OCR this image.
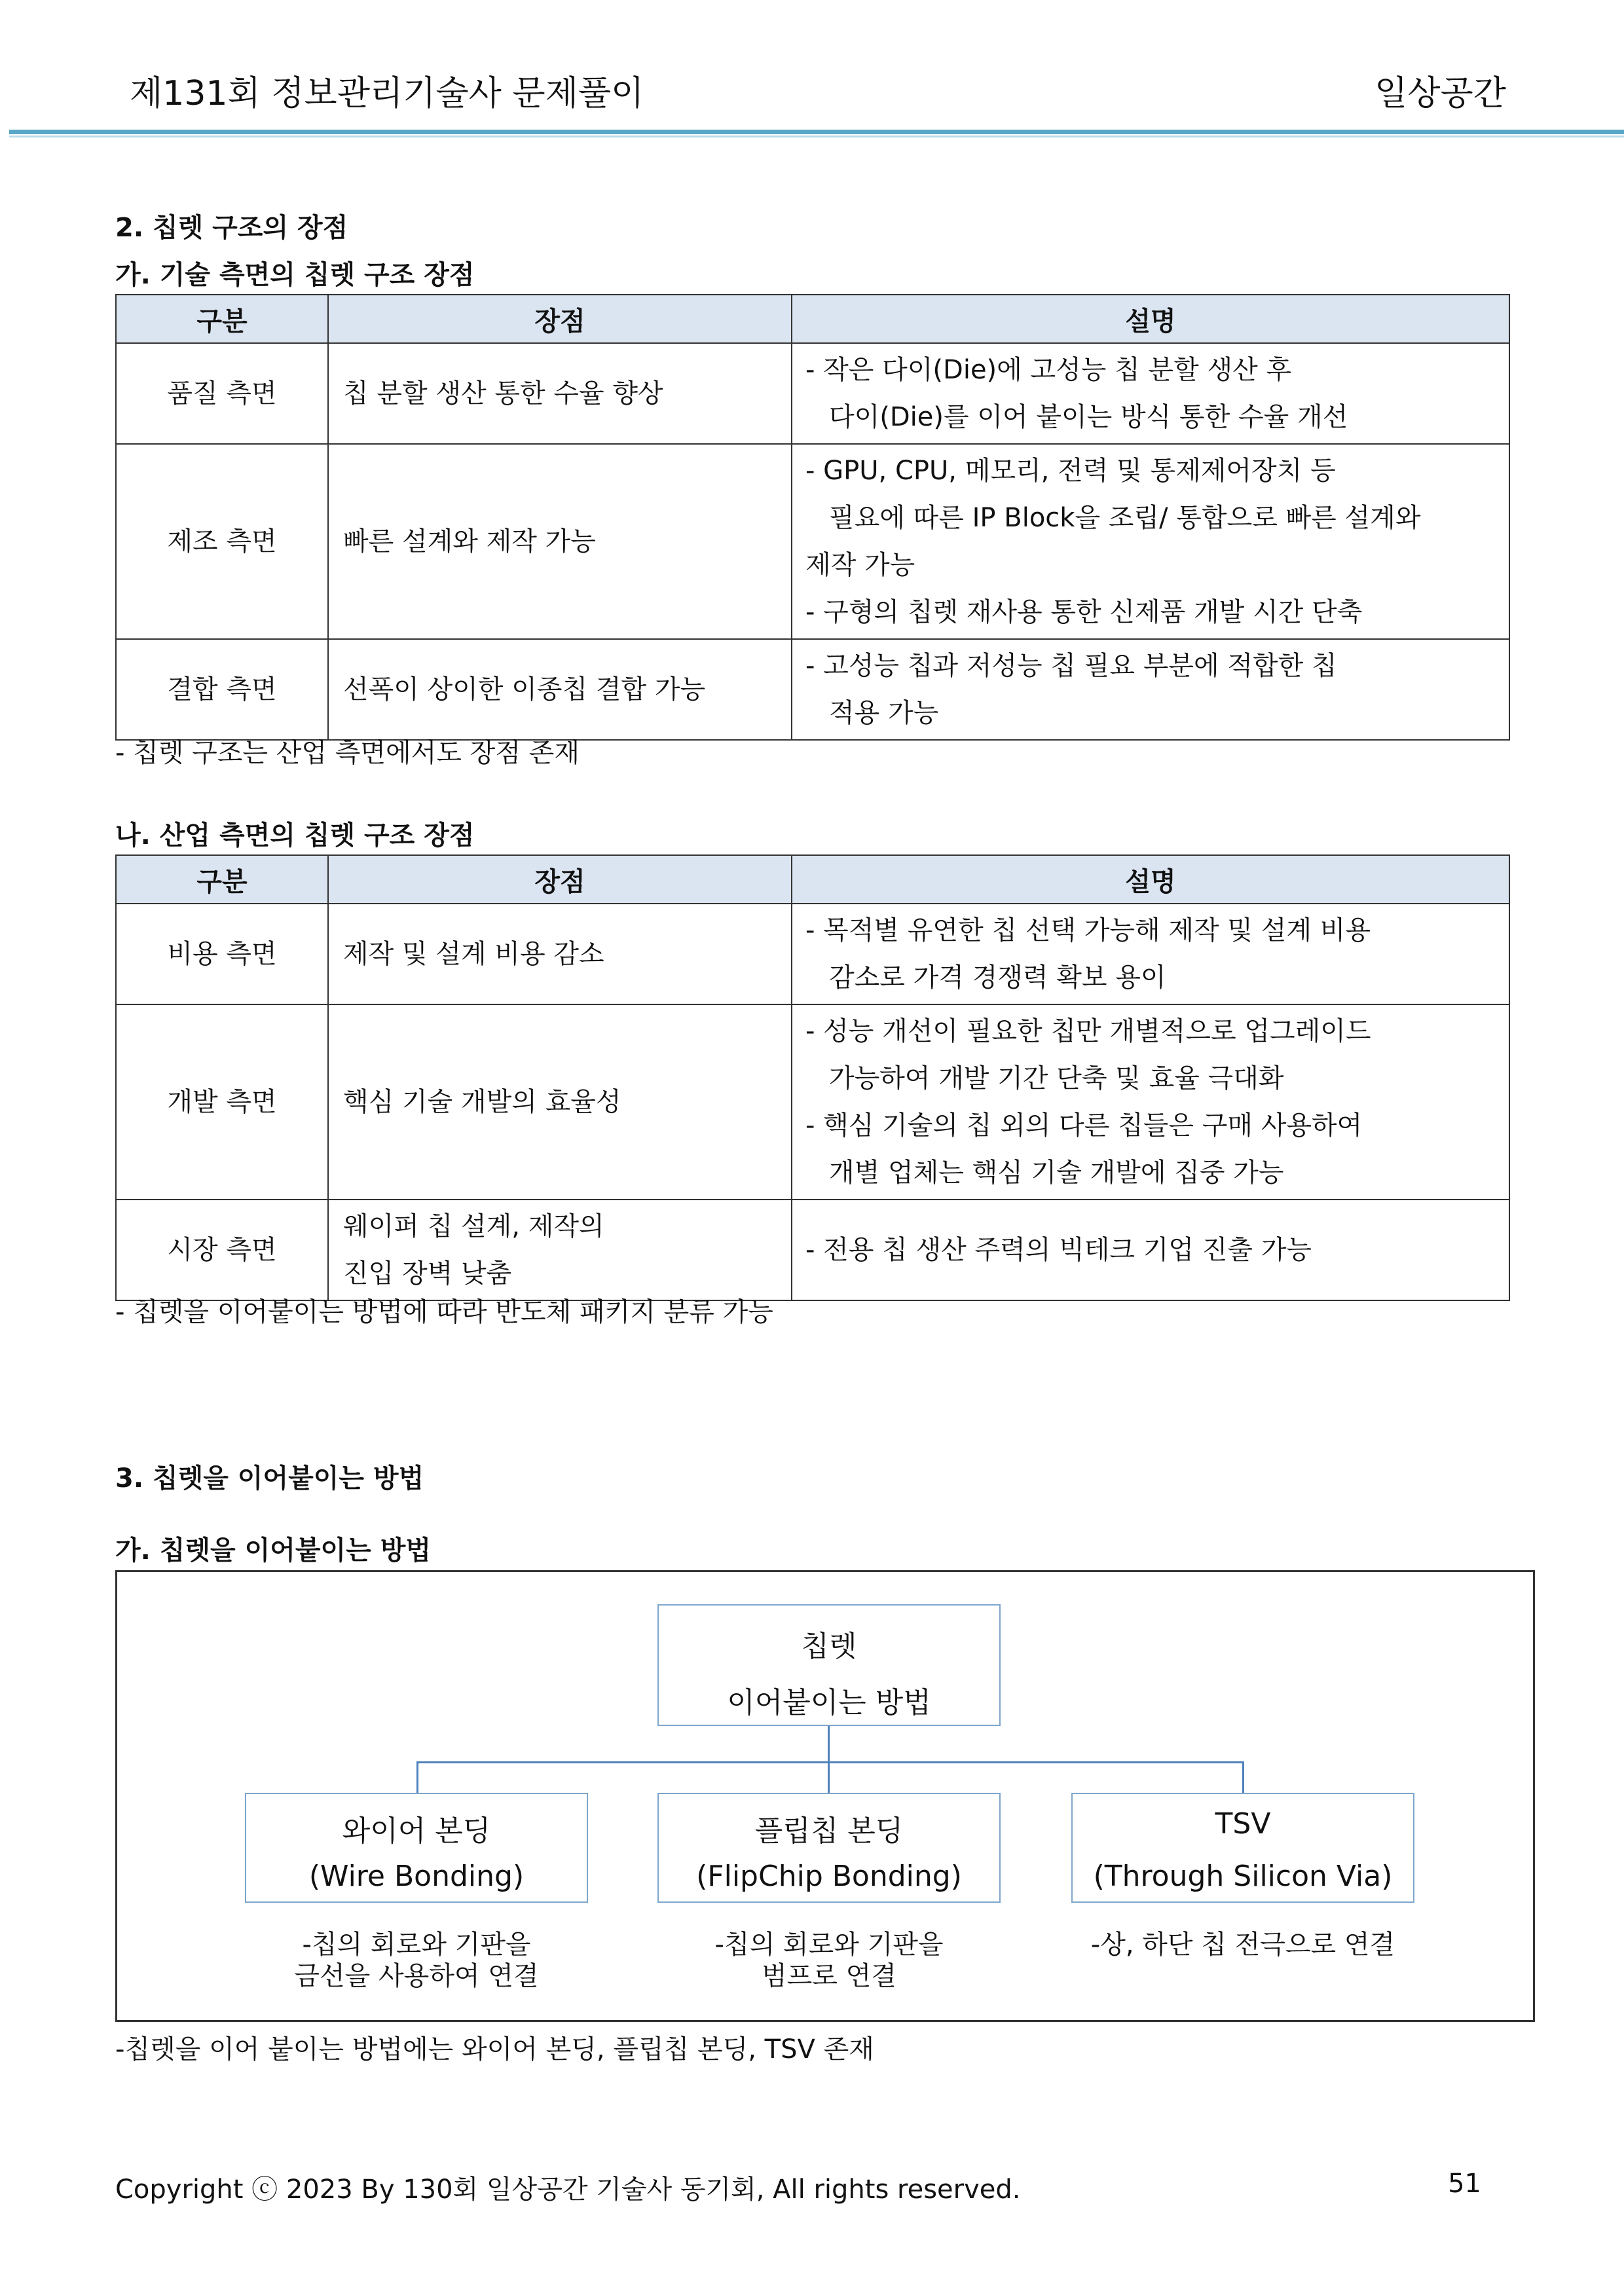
제131회 정보관리기술사 문제풀이	일상공간
2. 칩렛 구조의 장점
가. 기술 측면의 칩렛 구조 장점
구분	장점	설명
품질 측면	칩 분할 생산 통한 수율 향상	- 작은 다이(Die)에 고성능 칩 분할 생산 후
다이(Die)를 이어 붙이는 방식 통한 수율 개선

제조 측면	빠른 설계와 제작 가능	- GPU, CPU, 메모리, 전력 및 통제제어장치 등
필요에 따른 IP Block을 조립/ 통합으로 빠른 설계와
제작 가능
- 구형의 칩렛 재사용 통한 신제품 개발 시간 단축

결합 측면	선폭이 상이한 이종칩 결합 가능	- 고성능 칩과 저성능 칩 필요 부분에 적합한 칩
적용 가능
- 칩렛 구조는 산업 측면에서도 장점 존재
나. 산업 측면의 칩렛 구조 장점
구분	장점	설명
비용 측면	제작 및 설계 비용 감소	- 목적별 유연한 칩 선택 가능해 제작 및 설계 비용
감소로 가격 경쟁력 확보 용이

개발 측면	핵심 기술 개발의 효율성	- 성능 개선이 필요한 칩만 개별적으로 업그레이드
가능하여 개발 기간 단축 및 효율 극대화
- 핵심 기술의 칩 외의 다른 칩들은 구매 사용하여
개별 업체는 핵심 기술 개발에 집중 가능

시장 측면	웨이퍼 칩 설계, 제작의
진입 장벽 낮춤	- 전용 칩 생산 주력의 빅테크 기업 진출 가능
- 칩렛을 이어붙이는 방법에 따라 반도체 패키지 분류 가능
3. 칩렛을 이어붙이는 방법
가. 칩렛을 이어붙이는 방법
칩렛
이어붙이는 방법
와이어 본딩
(Wire Bonding)
플립칩 본딩
(FlipChip Bonding)
TSV
(Through Silicon Via)
-칩의 회로와 기판을
금선을 사용하여 연결
-칩의 회로와 기판을
범프로 연결
-상, 하단 칩 전극으로 연결
-칩렛을 이어 붙이는 방법에는 와이어 본딩, 플립칩 본딩, TSV 존재
Copyright ⓒ 2023 By 130회 일상공간 기술사 동기회, All rights reserved.	51
